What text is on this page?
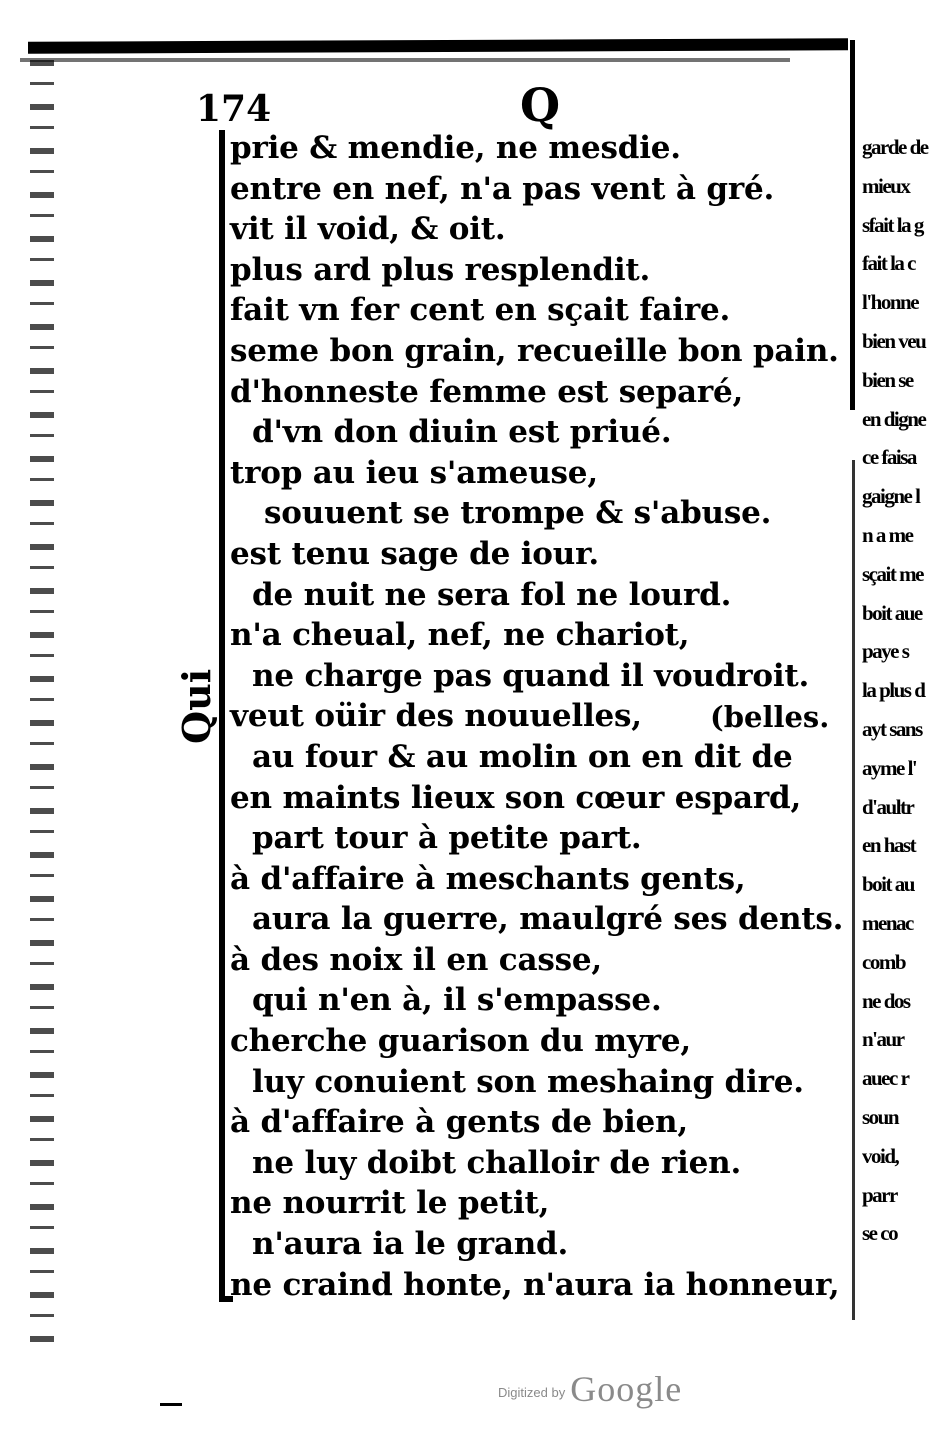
174	Q
Qui
prie & mendie, ne mesdie.
entre en nef, n'a pas vent à gré.
vit il void, & oit.
plus ard plus resplendit.
fait vn fer cent en sçait faire.
seme bon grain, recueille bon pain.
d'honneste femme est separé,
d'vn don diuin est priué.
trop au ieu s'ameuse,
souuent se trompe & s'abuse.
est tenu sage de iour.
de nuit ne sera fol ne lourd.
n'a cheual, nef, ne chariot,
ne charge pas quand il voudroit.
veut oüir des nouuelles,
au four & au molin on en dit de
en maints lieux son cœur espard,
part tour à petite part.
à d'affaire à meschants gents,
aura la guerre, maulgré ses dents.
à des noix il en casse,
qui n'en à, il s'empasse.
cherche guarison du myre,
luy conuient son meshaing dire.
à d'affaire à gents de bien,
ne luy doibt challoir de rien.
ne nourrit le petit,
n'aura ia le grand.
ne craind honte, n'aura ia honneur,
(belles.
garde de
mieux
sfait la g
fait la c
l'honne
bien veu
bien se
en digne
ce faisa
gaigne l
n a me
sçait me
boit aue
paye s
la plus d
ayt sans
ayme l'
d'aultr
en hast
boit au
menac
comb
ne dos
n'aur
auec r
soun
void,
parr
se co
$^{Digitized by}$ Google
